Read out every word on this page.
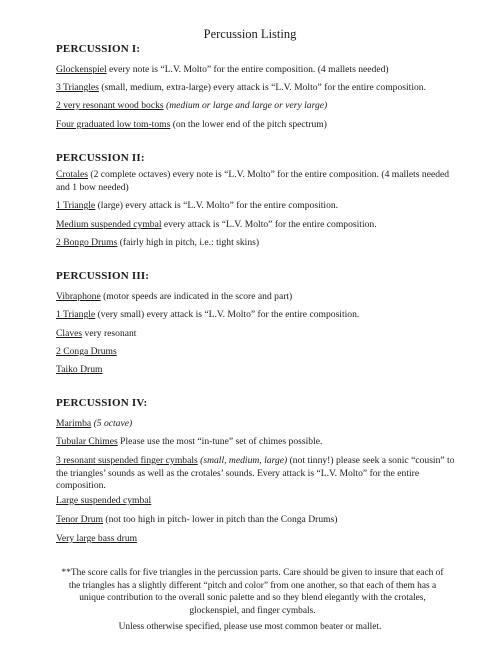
Percussion Listing
PERCUSSION I:
Glockenspiel every note is “L.V. Molto” for the entire composition. (4 mallets needed)
3 Triangles (small, medium, extra-large) every attack is “L.V. Molto” for the entire composition.
2 very resonant wood bocks (medium or large and large or very large)
Four graduated low tom-toms (on the lower end of the pitch spectrum)
PERCUSSION II:
Crotales (2 complete octaves) every note is “L.V. Molto” for the entire composition. (4 mallets needed and 1 bow needed)
1 Triangle (large) every attack is “L.V. Molto” for the entire composition.
Medium suspended cymbal every attack is “L.V. Molto” for the entire composition.
2 Bongo Drums (fairly high in pitch, i.e.: tight skins)
PERCUSSION III:
Vibraphone (motor speeds are indicated in the score and part)
1 Triangle (very small) every attack is “L.V. Molto” for the entire composition.
Claves very resonant
2 Conga Drums
Taiko Drum
PERCUSSION IV:
Marimba (5 octave)
Tubular Chimes Please use the most “in-tune” set of chimes possible.
3 resonant suspended finger cymbals (small, medium, large) (not tinny!) please seek a sonic “cousin” to the triangles’ sounds as well as the crotales’ sounds. Every attack is “L.V. Molto” for the entire composition.
Large suspended cymbal
Tenor Drum (not too high in pitch- lower in pitch than the Conga Drums)
Very large bass drum
**The score calls for five triangles in the percussion parts. Care should be given to insure that each of the triangles has a slightly different “pitch and color” from one another, so that each of them has a unique contribution to the overall sonic palette and so they blend elegantly with the crotales, glockenspiel, and finger cymbals.
Unless otherwise specified, please use most common beater or mallet.
